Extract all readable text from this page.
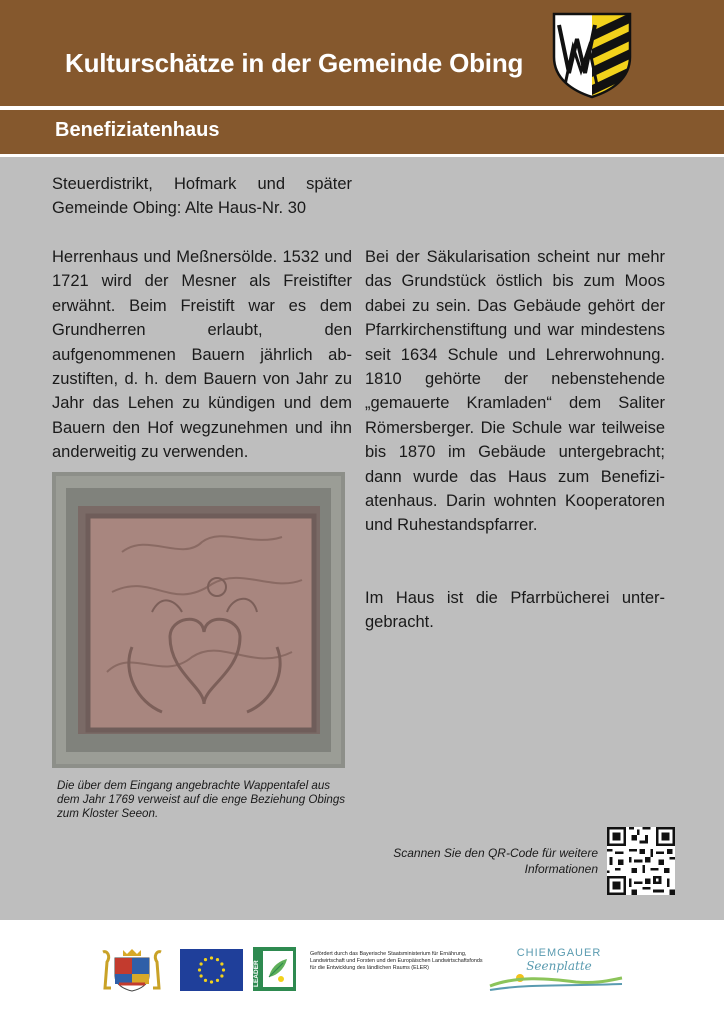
Kulturschätze in der Gemeinde Obing
Benefiziatenhaus

Steuerdistrikt, Hofmark und später Gemeinde Obing: Alte Haus-Nr. 30

Herrenhaus und Meßnersölde. 1532 und 1721 wird der Mesner als Freistifter erwähnt. Beim Freistift war es dem Grundherren erlaubt, den aufgenommenen Bauern jährlich abzustiften, d. h. dem Bauern von Jahr zu Jahr das Lehen zu kündigen und dem Bauern den Hof wegzunehmen und ihn anderweitig zu verwenden.

Bei der Säkularisation scheint nur mehr das Grundstück östlich bis zum Moos dabei zu sein. Das Gebäude gehört der Pfarrkirchenstiftung und war mindestens seit 1634 Schule und Lehrerwohnung. 1810 gehörte der nebenstehende „gemauerte Kramladen“ dem Saliter Römersberger. Die Schule war teilweise bis 1870 im Gebäude untergebracht; dann wurde das Haus zum Benefiziatenhaus. Darin wohnten Kooperatoren und Ruhestandspfarrer.

Im Haus ist die Pfarrbücherei untergebracht.

Die über dem Eingang angebrachte Wappentafel aus dem Jahr 1769 verweist auf die enge Beziehung Obings zum Kloster Seeon.

Scannen Sie den QR-Code für weitere Informationen

LEADER

Gefördert durch das Bayerische Staatsministerium für Ernährung, Landwirtschaft und Forsten und den Europäischen Landwirtschaftsfonds für die Entwicklung des ländlichen Raums (ELER)

CHIEMGAUER

Seenplatte
